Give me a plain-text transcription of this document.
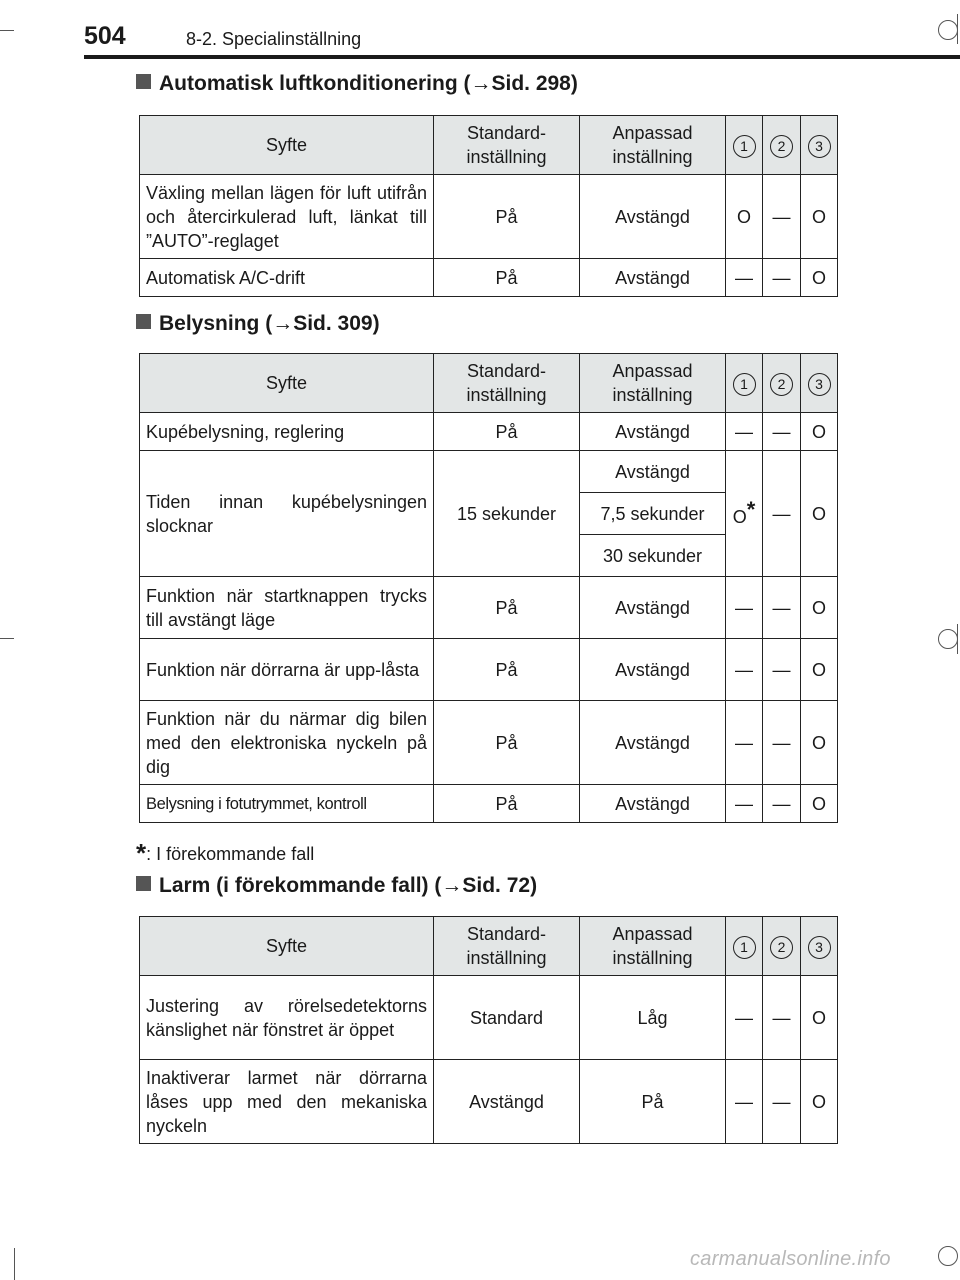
504	8-2. Specialinställning
Automatisk luftkonditionering (→Sid. 298)
Syfte	Standard-inställning	Anpassad inställning	1	2	3
Växling mellan lägen för luft utifrån och återcirkulerad luft, länkat till ”AUTO”-reglaget	På	Avstängd	O	—	O
Automatisk A/C-drift	På	Avstängd	—	—	O
Belysning (→Sid. 309)
Syfte	Standard-inställning	Anpassad inställning	1	2	3
Kupébelysning, reglering	På	Avstängd	—	—	O
Tiden innan kupébelysningen slocknar	15 sekunder	Avstängd	O*	—	O
		7,5 sekunder			
		30 sekunder			
Funktion när startknappen trycks till avstängt läge	På	Avstängd	—	—	O
Funktion när dörrarna är upp-låsta	På	Avstängd	—	—	O
Funktion när du närmar dig bilen med den elektroniska nyckeln på dig	På	Avstängd	—	—	O
Belysning i fotutrymmet, kontroll	På	Avstängd	—	—	O
*: I förekommande fall
Larm (i förekommande fall) (→Sid. 72)
Syfte	Standard-inställning	Anpassad inställning	1	2	3
Justering av rörelsedetektorns känslighet när fönstret är öppet	Standard	Låg	—	—	O
Inaktiverar larmet när dörrarna låses upp med den mekaniska nyckeln	Avstängd	På	—	—	O
carmanualsonline.info
